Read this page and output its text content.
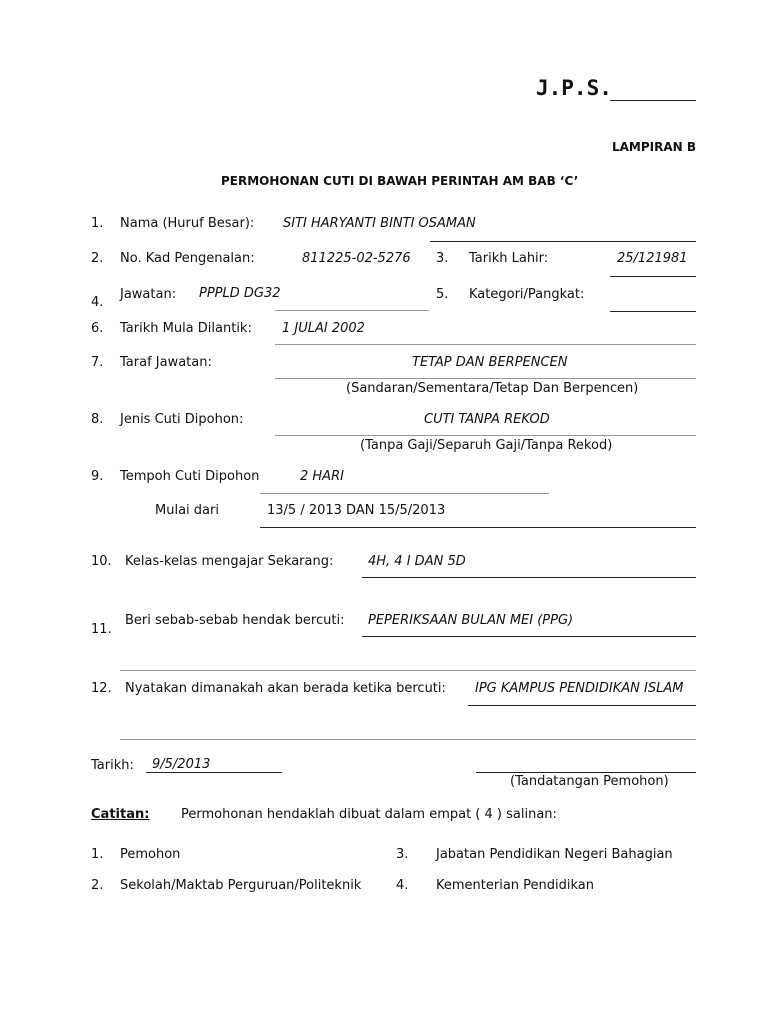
J.P.S.
LAMPIRAN B
PERMOHONAN CUTI DI BAWAH PERINTAH AM BAB ‘C’
1. Nama (Huruf Besar): SITI HARYANTI BINTI OSAMAN
2. No. Kad Pengenalan:	811225-02-5276 3. Tarikh Lahir:	25/121981
4.
Jawatan: PPPLD DG32	5. Kategori/Pangkat:
6. Tarikh Mula Dilantik: 1 JULAI 2002
7. Taraf Jawatan:	TETAP DAN BERPENCEN
(Sandaran/Sementara/Tetap Dan Berpencen)
8. Jenis Cuti Dipohon:	CUTI TANPA REKOD
(Tanpa Gaji/Separuh Gaji/Tanpa Rekod)
9. Tempoh Cuti Dipohon	2 HARI
Mulai dari	13/5 / 2013 DAN 15/5/2013
10. Kelas-kelas mengajar Sekarang:	4H, 4 I DAN 5D
11.
Beri sebab-sebab hendak bercuti: PEPERIKSAAN BULAN MEI (PPG)
12. Nyatakan dimanakah akan berada ketika bercuti: IPG KAMPUS PENDIDIKAN ISLAM
Tarikh: 9/5/2013
(Tandatangan Pemohon)
Catitan: Permohonan hendaklah dibuat dalam empat ( 4 ) salinan:
1. Pemohon
2. Sekolah/Maktab Perguruan/Politeknik
3. Jabatan Pendidikan Negeri Bahagian
4. Kementerian Pendidikan
